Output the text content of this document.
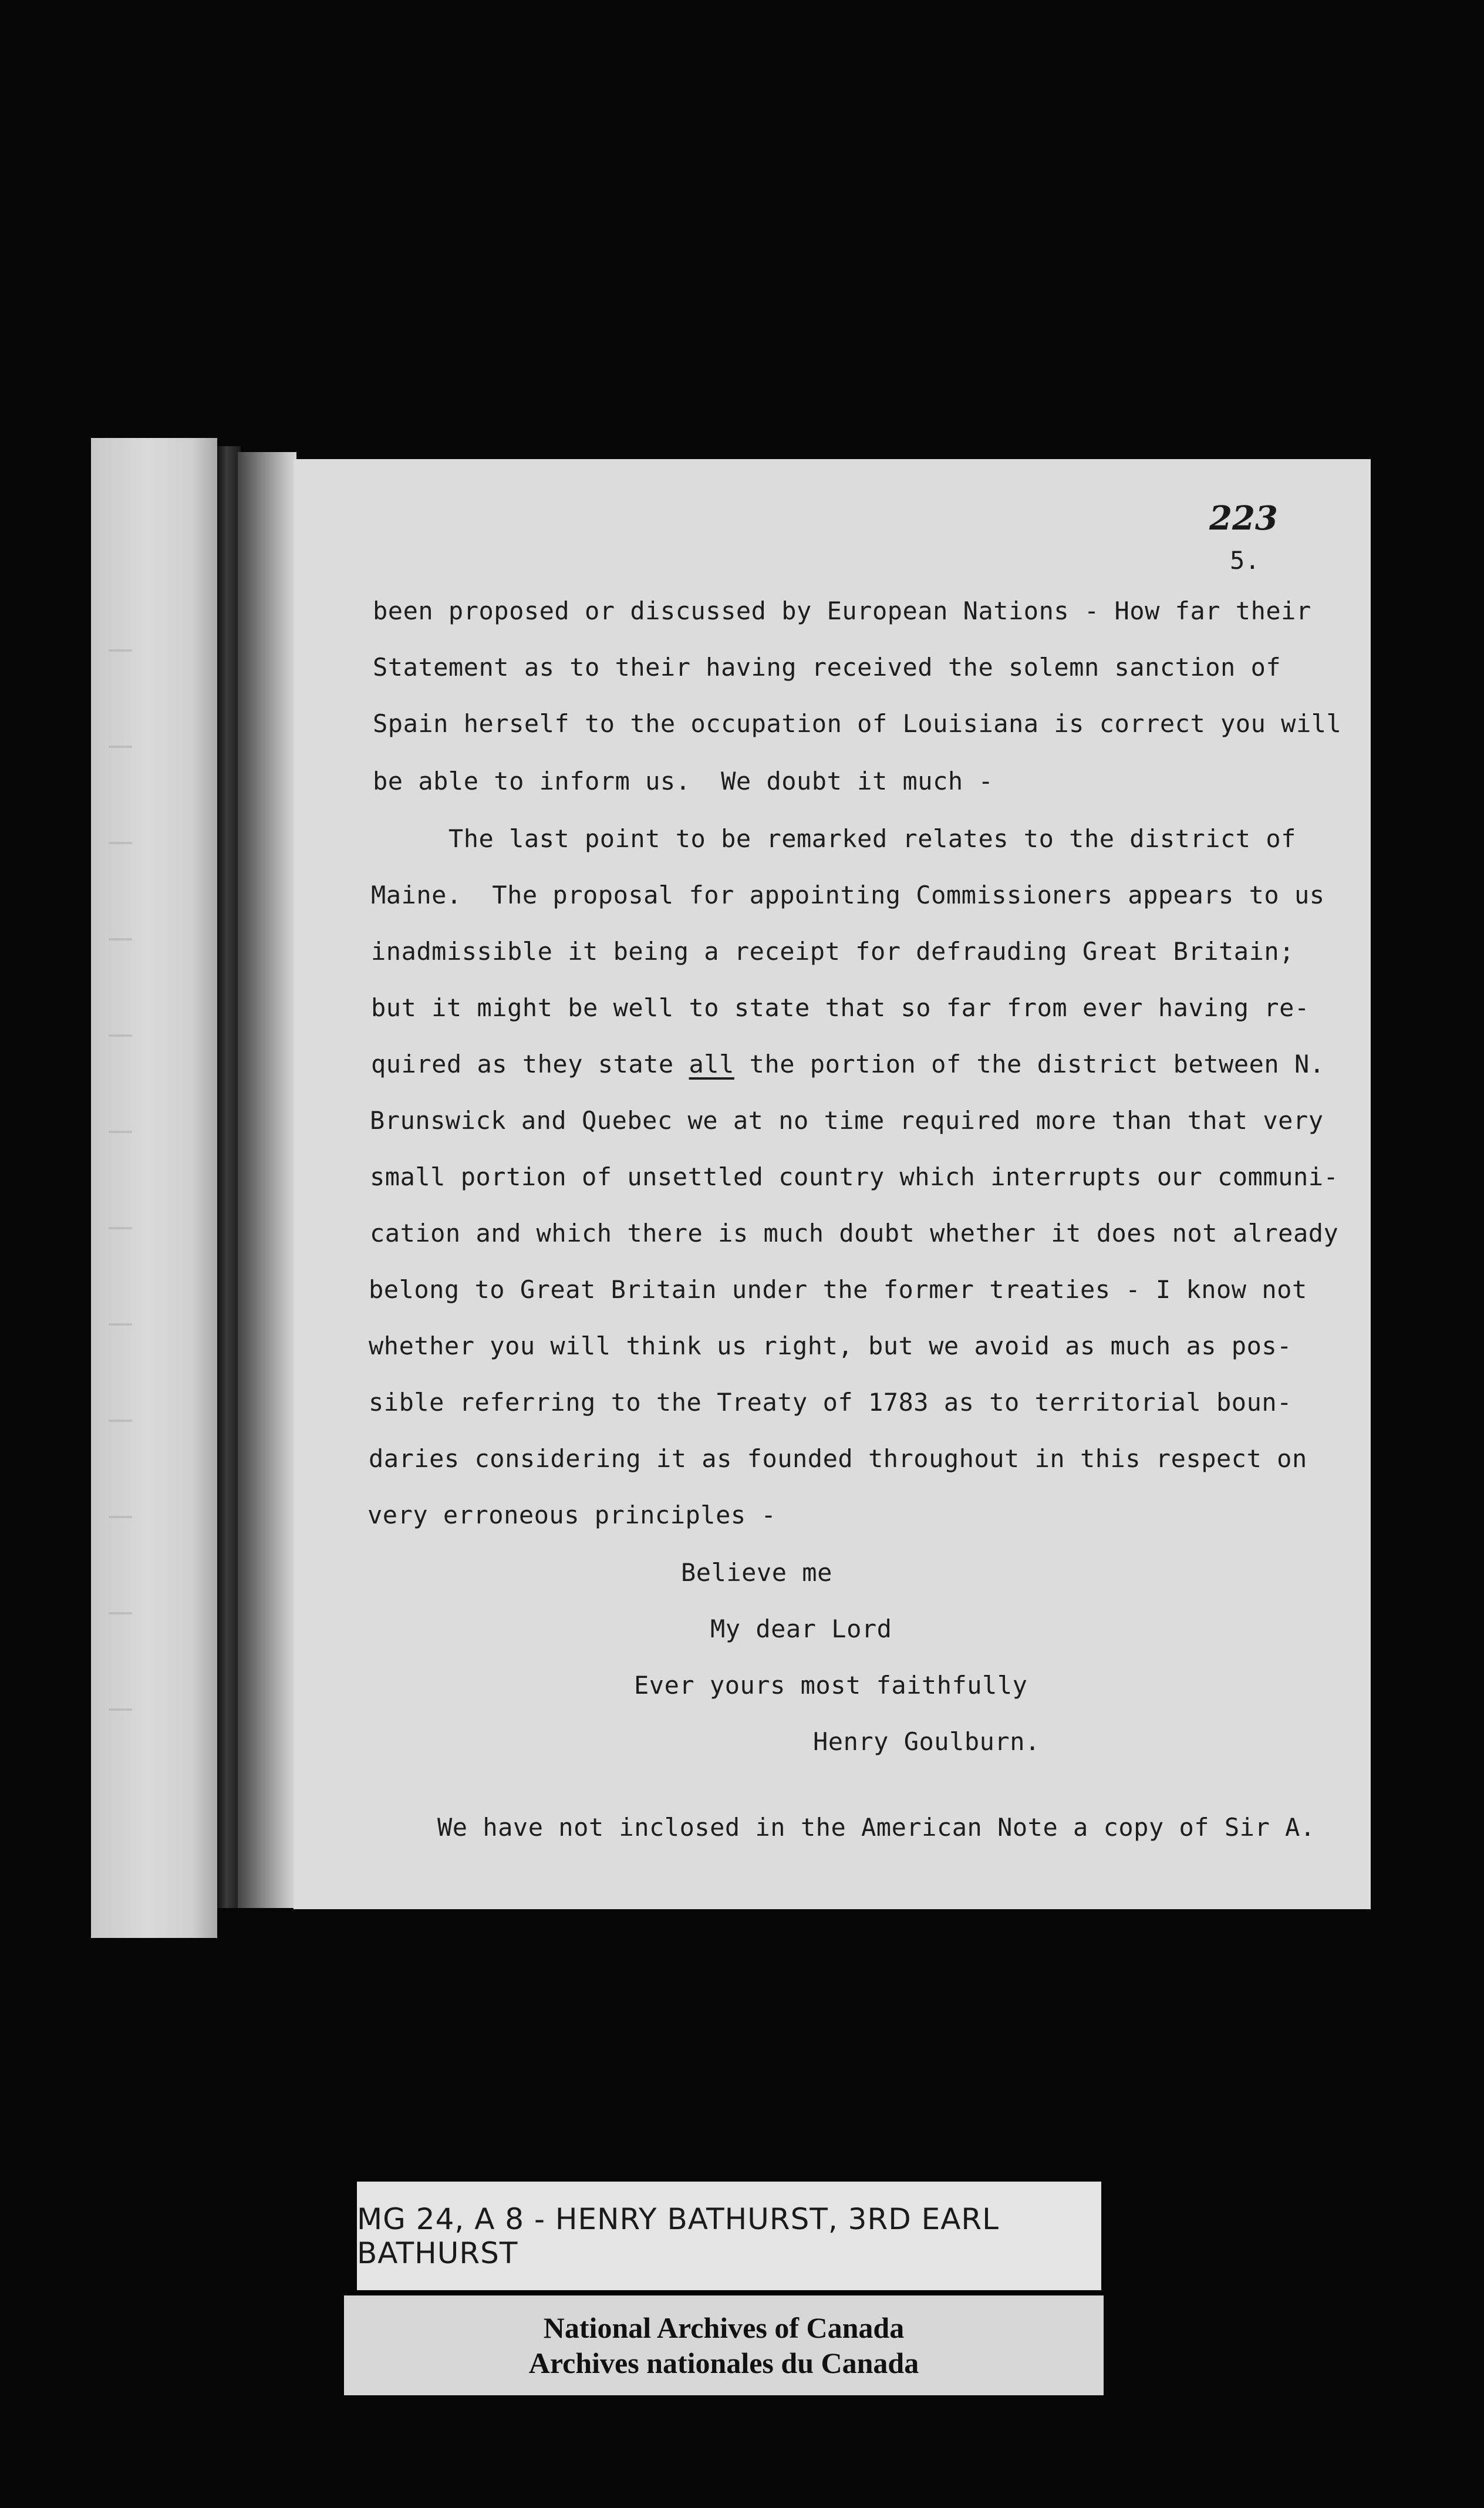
223
5.
been proposed or discussed by European Nations - How far their
Statement as to their having received the solemn sanction of
Spain herself to the occupation of Louisiana is correct you will
be able to inform us.  We doubt it much -
The last point to be remarked relates to the district of
Maine.  The proposal for appointing Commissioners appears to us
inadmissible it being a receipt for defrauding Great Britain;
but it might be well to state that so far from ever having re-
quired as they state all the portion of the district between N.
Brunswick and Quebec we at no time required more than that very
small portion of unsettled country which interrupts our communi-
cation and which there is much doubt whether it does not already
belong to Great Britain under the former treaties - I know not
whether you will think us right, but we avoid as much as pos-
sible referring to the Treaty of 1783 as to territorial boun-
daries considering it as founded throughout in this respect on
very erroneous principles -
Believe me
My dear Lord
Ever yours most faithfully
Henry Goulburn.
We have not inclosed in the American Note a copy of Sir A.
MG 24, A 8 - HENRY BATHURST, 3RD EARL BATHURST
National Archives of Canada
Archives nationales du Canada
